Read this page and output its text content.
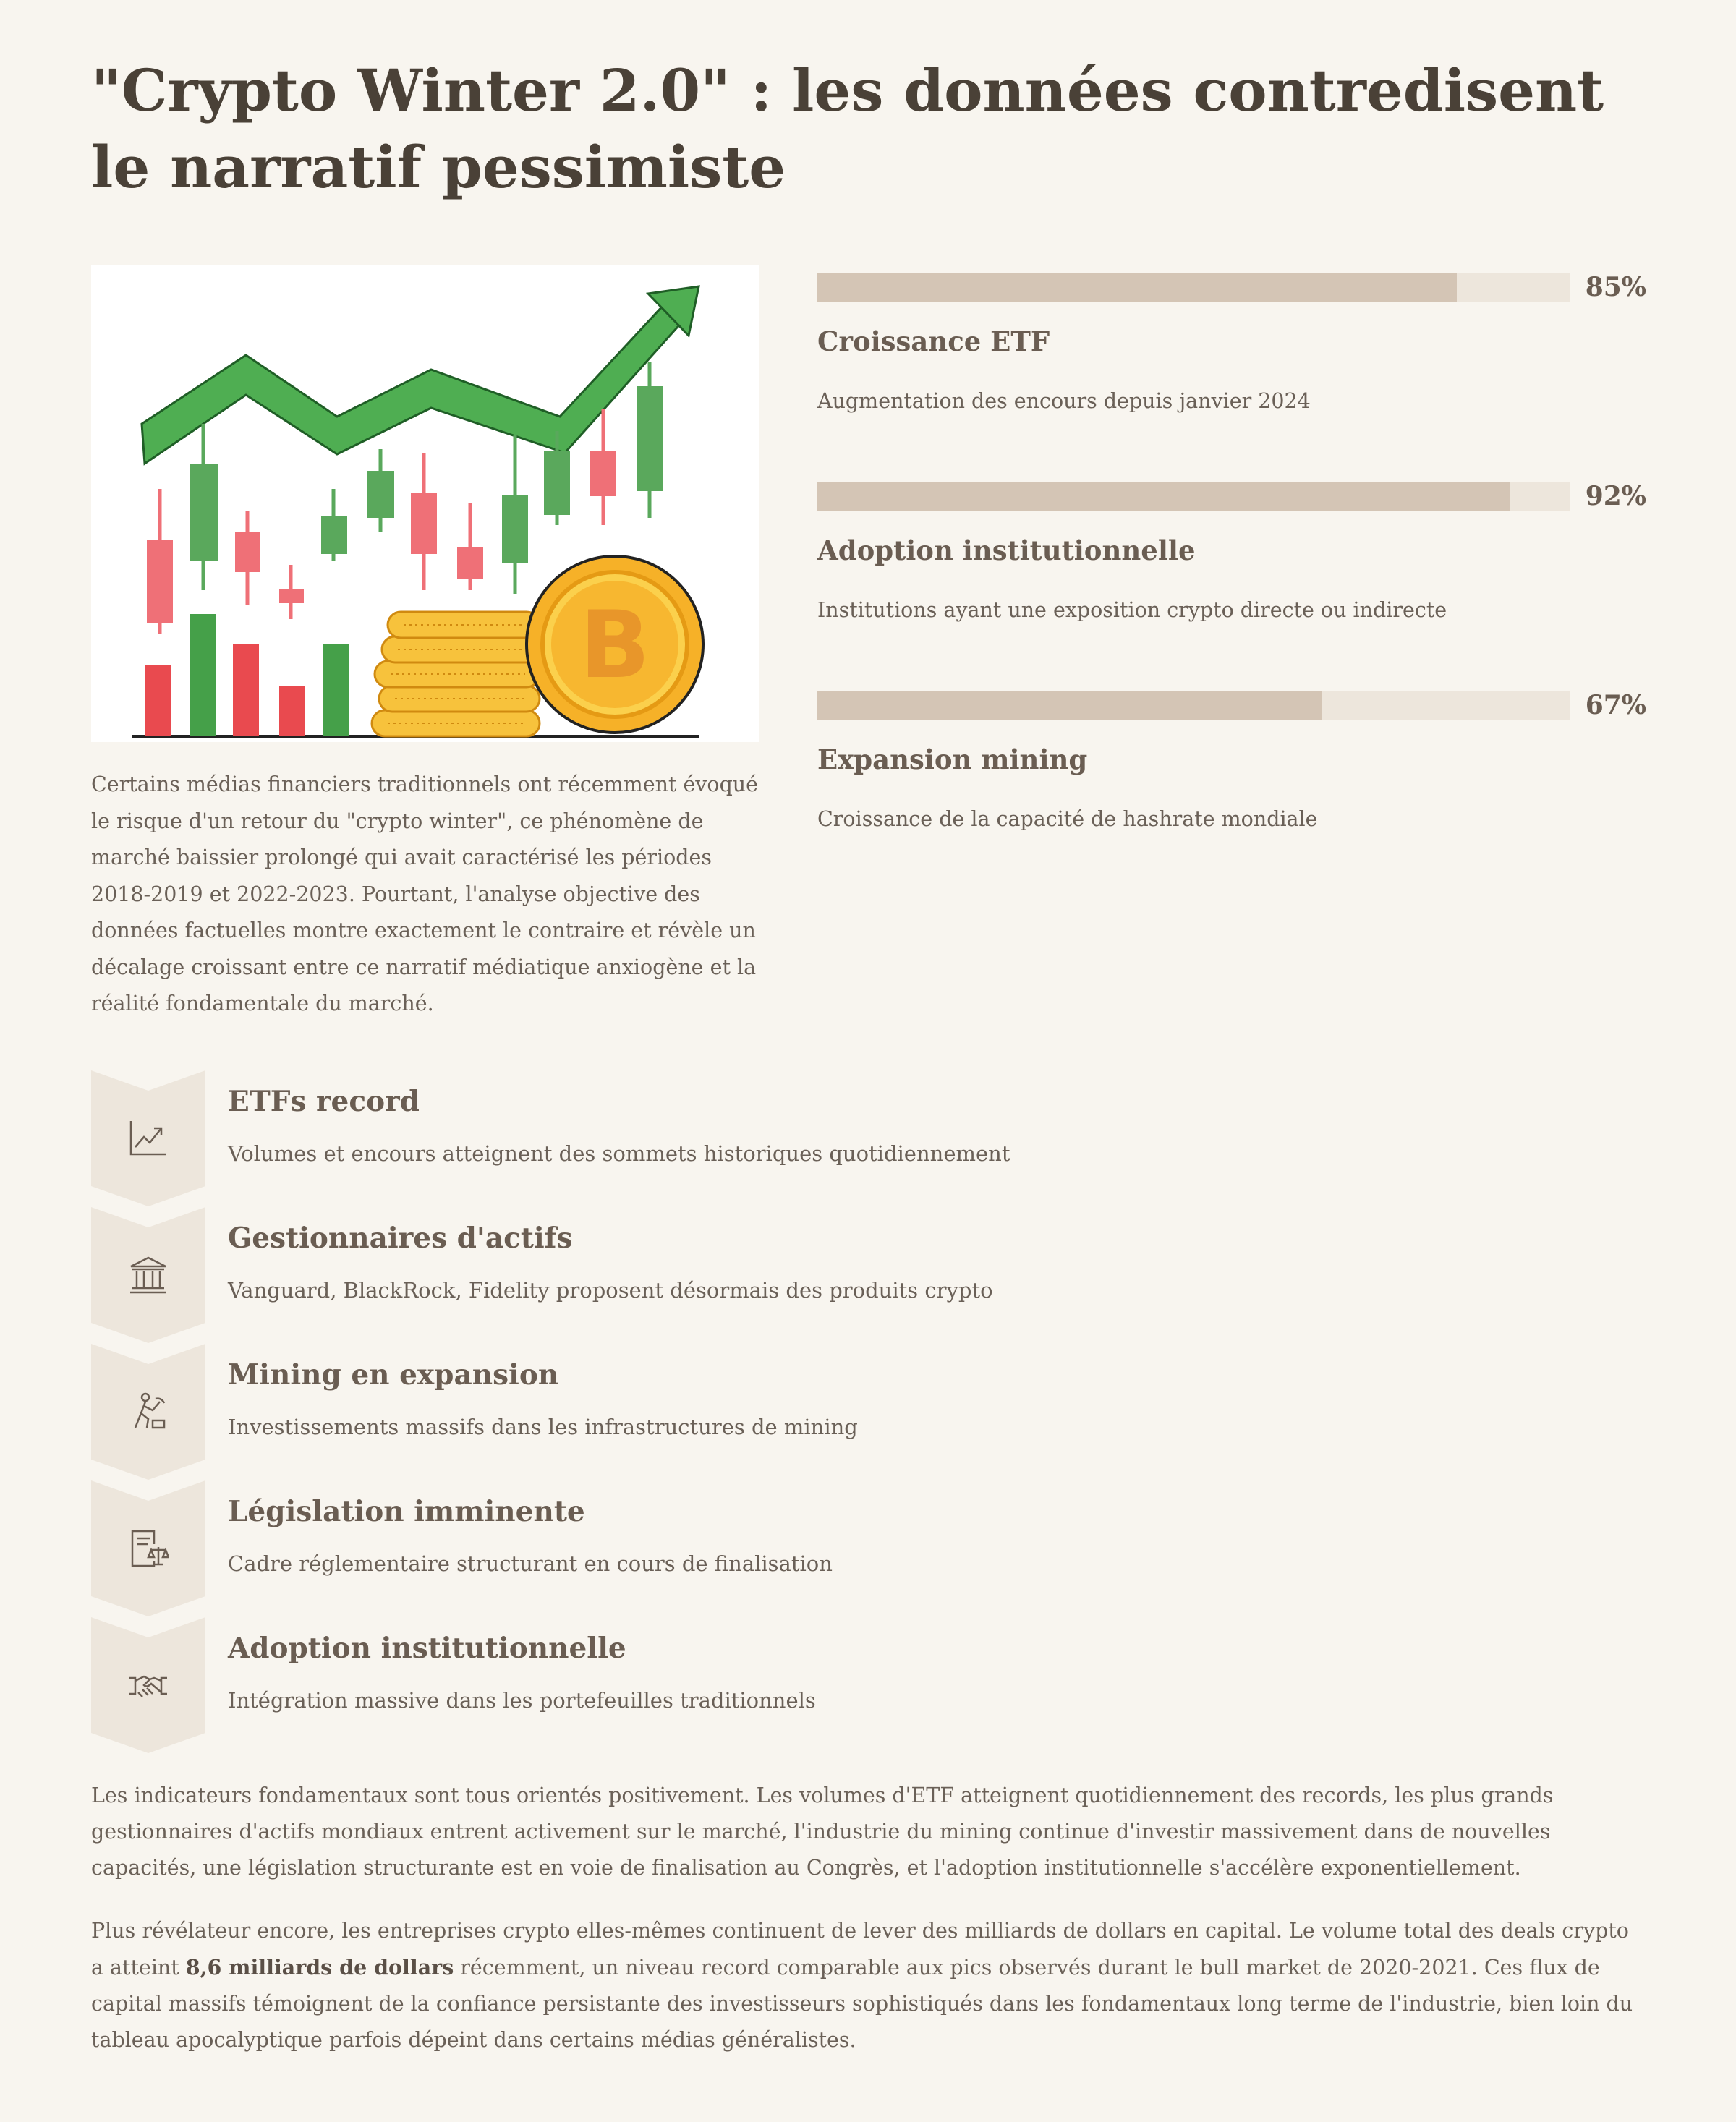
"Crypto Winter 2.0" : les données contredisent le narratif pessimiste
B

Certains médias financiers traditionnels ont récemment évoqué le risque d'un retour du "crypto winter", ce phénomène de marché baissier prolongé qui avait caractérisé les périodes 2018-2019 et 2022-2023. Pourtant, l'analyse objective des données factuelles montre exactement le contraire et révèle un décalage croissant entre ce narratif médiatique anxiogène et la réalité fondamentale du marché.

85%
Croissance ETF
Augmentation des encours depuis janvier 2024
92%
Adoption institutionnelle
Institutions ayant une exposition crypto directe ou indirecte
67%
Expansion mining
Croissance de la capacité de hashrate mondiale
ETFs record
Volumes et encours atteignent des sommets historiques quotidiennement
Gestionnaires d'actifs
Vanguard, BlackRock, Fidelity proposent désormais des produits crypto
Mining en expansion
Investissements massifs dans les infrastructures de mining
Législation imminente
Cadre réglementaire structurant en cours de finalisation
Adoption institutionnelle
Intégration massive dans les portefeuilles traditionnels

Les indicateurs fondamentaux sont tous orientés positivement. Les volumes d'ETF atteignent quotidiennement des records, les plus grands gestionnaires d'actifs mondiaux entrent activement sur le marché, l'industrie du mining continue d'investir massivement dans de nouvelles capacités, une législation structurante est en voie de finalisation au Congrès, et l'adoption institutionnelle s'accélère exponentiellement.

Plus révélateur encore, les entreprises crypto elles-mêmes continuent de lever des milliards de dollars en capital. Le volume total des deals crypto a atteint 8,6 milliards de dollars récemment, un niveau record comparable aux pics observés durant le bull market de 2020-2021. Ces flux de capital massifs témoignent de la confiance persistante des investisseurs sophistiqués dans les fondamentaux long terme de l'industrie, bien loin du tableau apocalyptique parfois dépeint dans certains médias généralistes.
